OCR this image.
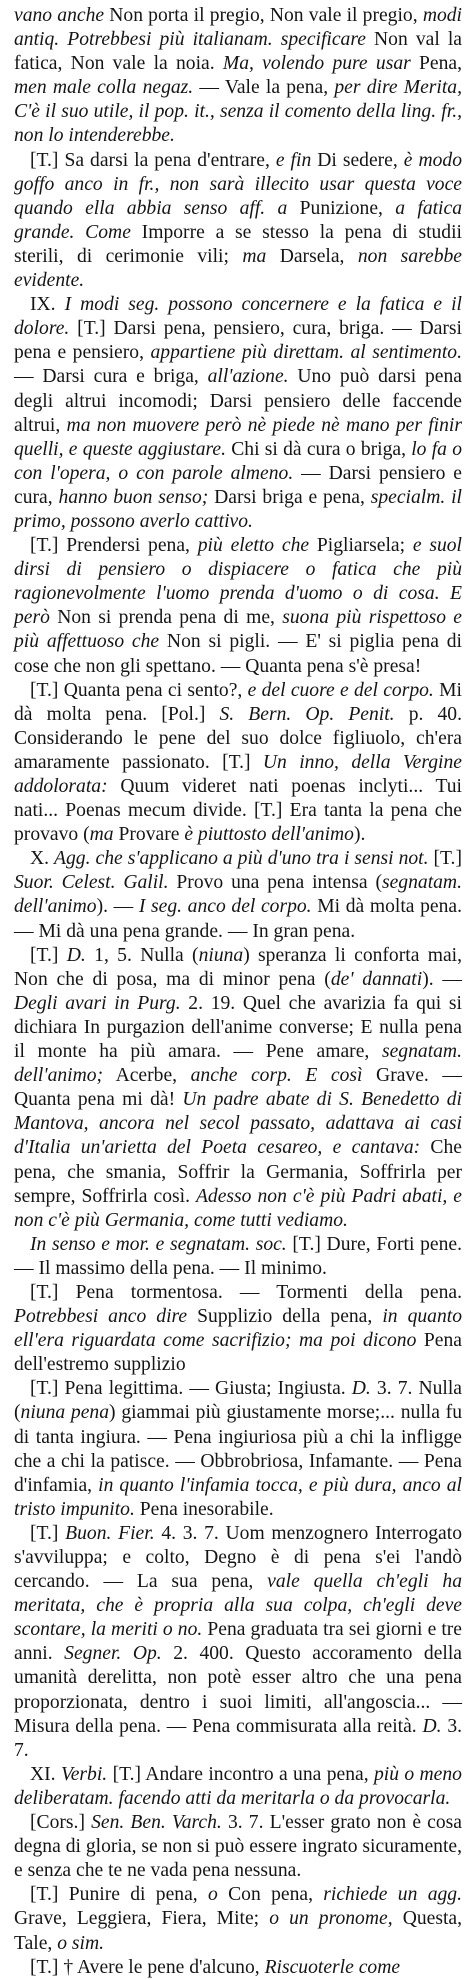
vano anche Non porta il pregio, Non vale il pregio, modi antiq. Potrebbesi più italianam. specificare Non val la fatica, Non vale la noia. Ma, volendo pure usar Pena, men male colla negaz. — Vale la pena, per dire Merita, C'è il suo utile, il pop. it., senza il comento della ling. fr., non lo intenderebbe.

[T.] Sa darsi la pena d'entrare, e fin Di sedere, è modo goffo anco in fr., non sarà illecito usar questa voce quando ella abbia senso aff. a Punizione, a fatica grande. Come Imporre a se stesso la pena di studii sterili, di cerimonie vili; ma Darsela, non sarebbe evidente.

IX. I modi seg. possono concernere e la fatica e il dolore. [T.] Darsi pena, pensiero, cura, briga. — Darsi pena e pensiero, appartiene più direttam. al sentimento. — Darsi cura e briga, all'azione. Uno può darsi pena degli altrui incomodi; Darsi pensiero delle faccende altrui, ma non muovere però nè piede nè mano per finir quelli, e queste aggiustare. Chi si dà cura o briga, lo fa o con l'opera, o con parole almeno. — Darsi pensiero e cura, hanno buon senso; Darsi briga e pena, specialm. il primo, possono averlo cattivo.

[T.] Prendersi pena, più eletto che Pigliarsela; e suol dirsi di pensiero o dispiacere o fatica che più ragionevolmente l'uomo prenda d'uomo o di cosa. E però Non si prenda pena di me, suona più rispettoso e più affettuoso che Non si pigli. — E' si piglia pena di cose che non gli spettano. — Quanta pena s'è presa!

[T.] Quanta pena ci sento?, e del cuore e del corpo. Mi dà molta pena. [Pol.] S. Bern. Op. Penit. p. 40. Considerando le pene del suo dolce figliuolo, ch'era amaramente passionato. [T.] Un inno, della Vergine addolorata: Quum videret nati poenas inclyti... Tui nati... Poenas mecum divide. [T.] Era tanta la pena che provavo (ma Provare è piuttosto dell'animo).

X. Agg. che s'applicano a più d'uno tra i sensi not. [T.] Suor. Celest. Galil. Provo una pena intensa (segnatam. dell'animo). — I seg. anco del corpo. Mi dà molta pena. — Mi dà una pena grande. — In gran pena.

[T.] D. 1, 5. Nulla (niuna) speranza li conforta mai, Non che di posa, ma di minor pena (de' dannati). — Degli avari in Purg. 2. 19. Quel che avarizia fa qui si dichiara In purgazion dell'anime converse; E nulla pena il monte ha più amara. — Pene amare, segnatam. dell'animo; Acerbe, anche corp. E così Grave. — Quanta pena mi dà! Un padre abate di S. Benedetto di Mantova, ancora nel secol passato, adattava ai casi d'Italia un'arietta del Poeta cesareo, e cantava: Che pena, che smania, Soffrir la Germania, Soffrirla per sempre, Soffrirla così. Adesso non c'è più Padri abati, e non c'è più Germania, come tutti vediamo.

In senso e mor. e segnatam. soc. [T.] Dure, Forti pene. — Il massimo della pena. — Il minimo.

[T.] Pena tormentosa. — Tormenti della pena. Potrebbesi anco dire Supplizio della pena, in quanto ell'era riguardata come sacrifizio; ma poi dicono Pena dell'estremo supplizio

[T.] Pena legittima. — Giusta; Ingiusta. D. 3. 7. Nulla (niuna pena) giammai più giustamente morse;... nulla fu di tanta ingiura. — Pena ingiuriosa più a chi la infligge che a chi la patisce. — Obbrobriosa, Infamante. — Pena d'infamia, in quanto l'infamia tocca, e più dura, anco al tristo impunito. Pena inesorabile.

[T.] Buon. Fier. 4. 3. 7. Uom menzognero Interrogato s'avviluppa; e colto, Degno è di pena s'ei l'andò cercando. — La sua pena, vale quella ch'egli ha meritata, che è propria alla sua colpa, ch'egli deve scontare, la meriti o no. Pena graduata tra sei giorni e tre anni. Segner. Op. 2. 400. Questo accoramento della umanità derelitta, non potè esser altro che una pena proporzionata, dentro i suoi limiti, all'angoscia... — Misura della pena. — Pena commisurata alla reità. D. 3. 7.

XI. Verbi. [T.] Andare incontro a una pena, più o meno deliberatam. facendo atti da meritarla o da provocarla.

[Cors.] Sen. Ben. Varch. 3. 7. L'esser grato non è cosa degna di gloria, se non si può essere ingrato sicuramente, e senza che te ne vada pena nessuna.

[T.] Punire di pena, o Con pena, richiede un agg. Grave, Leggiera, Fiera, Mite; o un pronome, Questa, Tale, o sim.

[T.] † Avere le pene d'alcuno, Riscuoterle come
